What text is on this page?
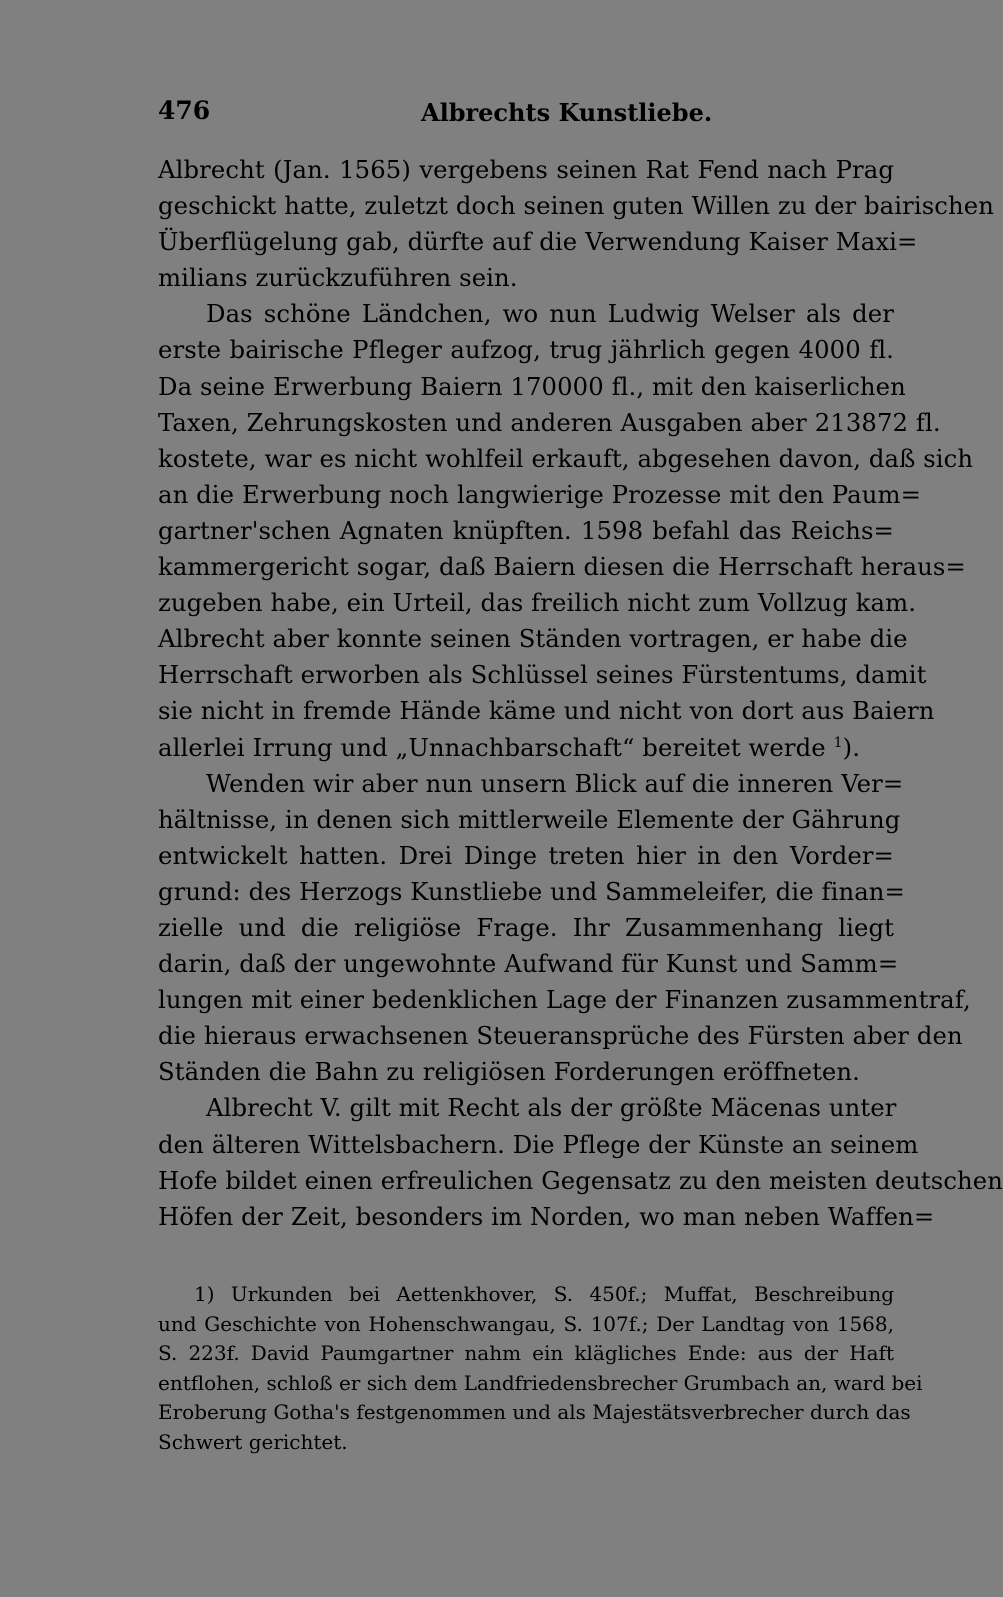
476	Albrechts Kunstliebe.
Albrecht (Jan. 1565) vergebens seinen Rat Fend nach Prag
geschickt hatte, zuletzt doch seinen guten Willen zu der bairischen
Überflügelung gab, dürfte auf die Verwendung Kaiser Maxi=
milians zurückzuführen sein.
Das schöne Ländchen, wo nun Ludwig Welser als der
erste bairische Pfleger aufzog, trug jährlich gegen 4000 fl.
Da seine Erwerbung Baiern 170000 fl., mit den kaiserlichen
Taxen, Zehrungskosten und anderen Ausgaben aber 213872 fl.
kostete, war es nicht wohlfeil erkauft, abgesehen davon, daß sich
an die Erwerbung noch langwierige Prozesse mit den Paum=
gartner'schen Agnaten knüpften. 1598 befahl das Reichs=
kammergericht sogar, daß Baiern diesen die Herrschaft heraus=
zugeben habe, ein Urteil, das freilich nicht zum Vollzug kam.
Albrecht aber konnte seinen Ständen vortragen, er habe die
Herrschaft erworben als Schlüssel seines Fürstentums, damit
sie nicht in fremde Hände käme und nicht von dort aus Baiern
allerlei Irrung und „Unnachbarschaft“ bereitet werde $^1$).
Wenden wir aber nun unsern Blick auf die inneren Ver=
hältnisse, in denen sich mittlerweile Elemente der Gährung
entwickelt hatten. Drei Dinge treten hier in den Vorder=
grund: des Herzogs Kunstliebe und Sammeleifer, die finan=
zielle und die religiöse Frage. Ihr Zusammenhang liegt
darin, daß der ungewohnte Aufwand für Kunst und Samm=
lungen mit einer bedenklichen Lage der Finanzen zusammentraf,
die hieraus erwachsenen Steueransprüche des Fürsten aber den
Ständen die Bahn zu religiösen Forderungen eröffneten.
Albrecht V. gilt mit Recht als der größte Mäcenas unter
den älteren Wittelsbachern. Die Pflege der Künste an seinem
Hofe bildet einen erfreulichen Gegensatz zu den meisten deutschen
Höfen der Zeit, besonders im Norden, wo man neben Waffen=
1) Urkunden bei Aettenkhover, S. 450f.; Muffat, Beschreibung
und Geschichte von Hohenschwangau, S. 107f.; Der Landtag von 1568,
S. 223f. David Paumgartner nahm ein klägliches Ende: aus der Haft
entflohen, schloß er sich dem Landfriedensbrecher Grumbach an, ward bei
Eroberung Gotha's festgenommen und als Majestätsverbrecher durch das
Schwert gerichtet.
